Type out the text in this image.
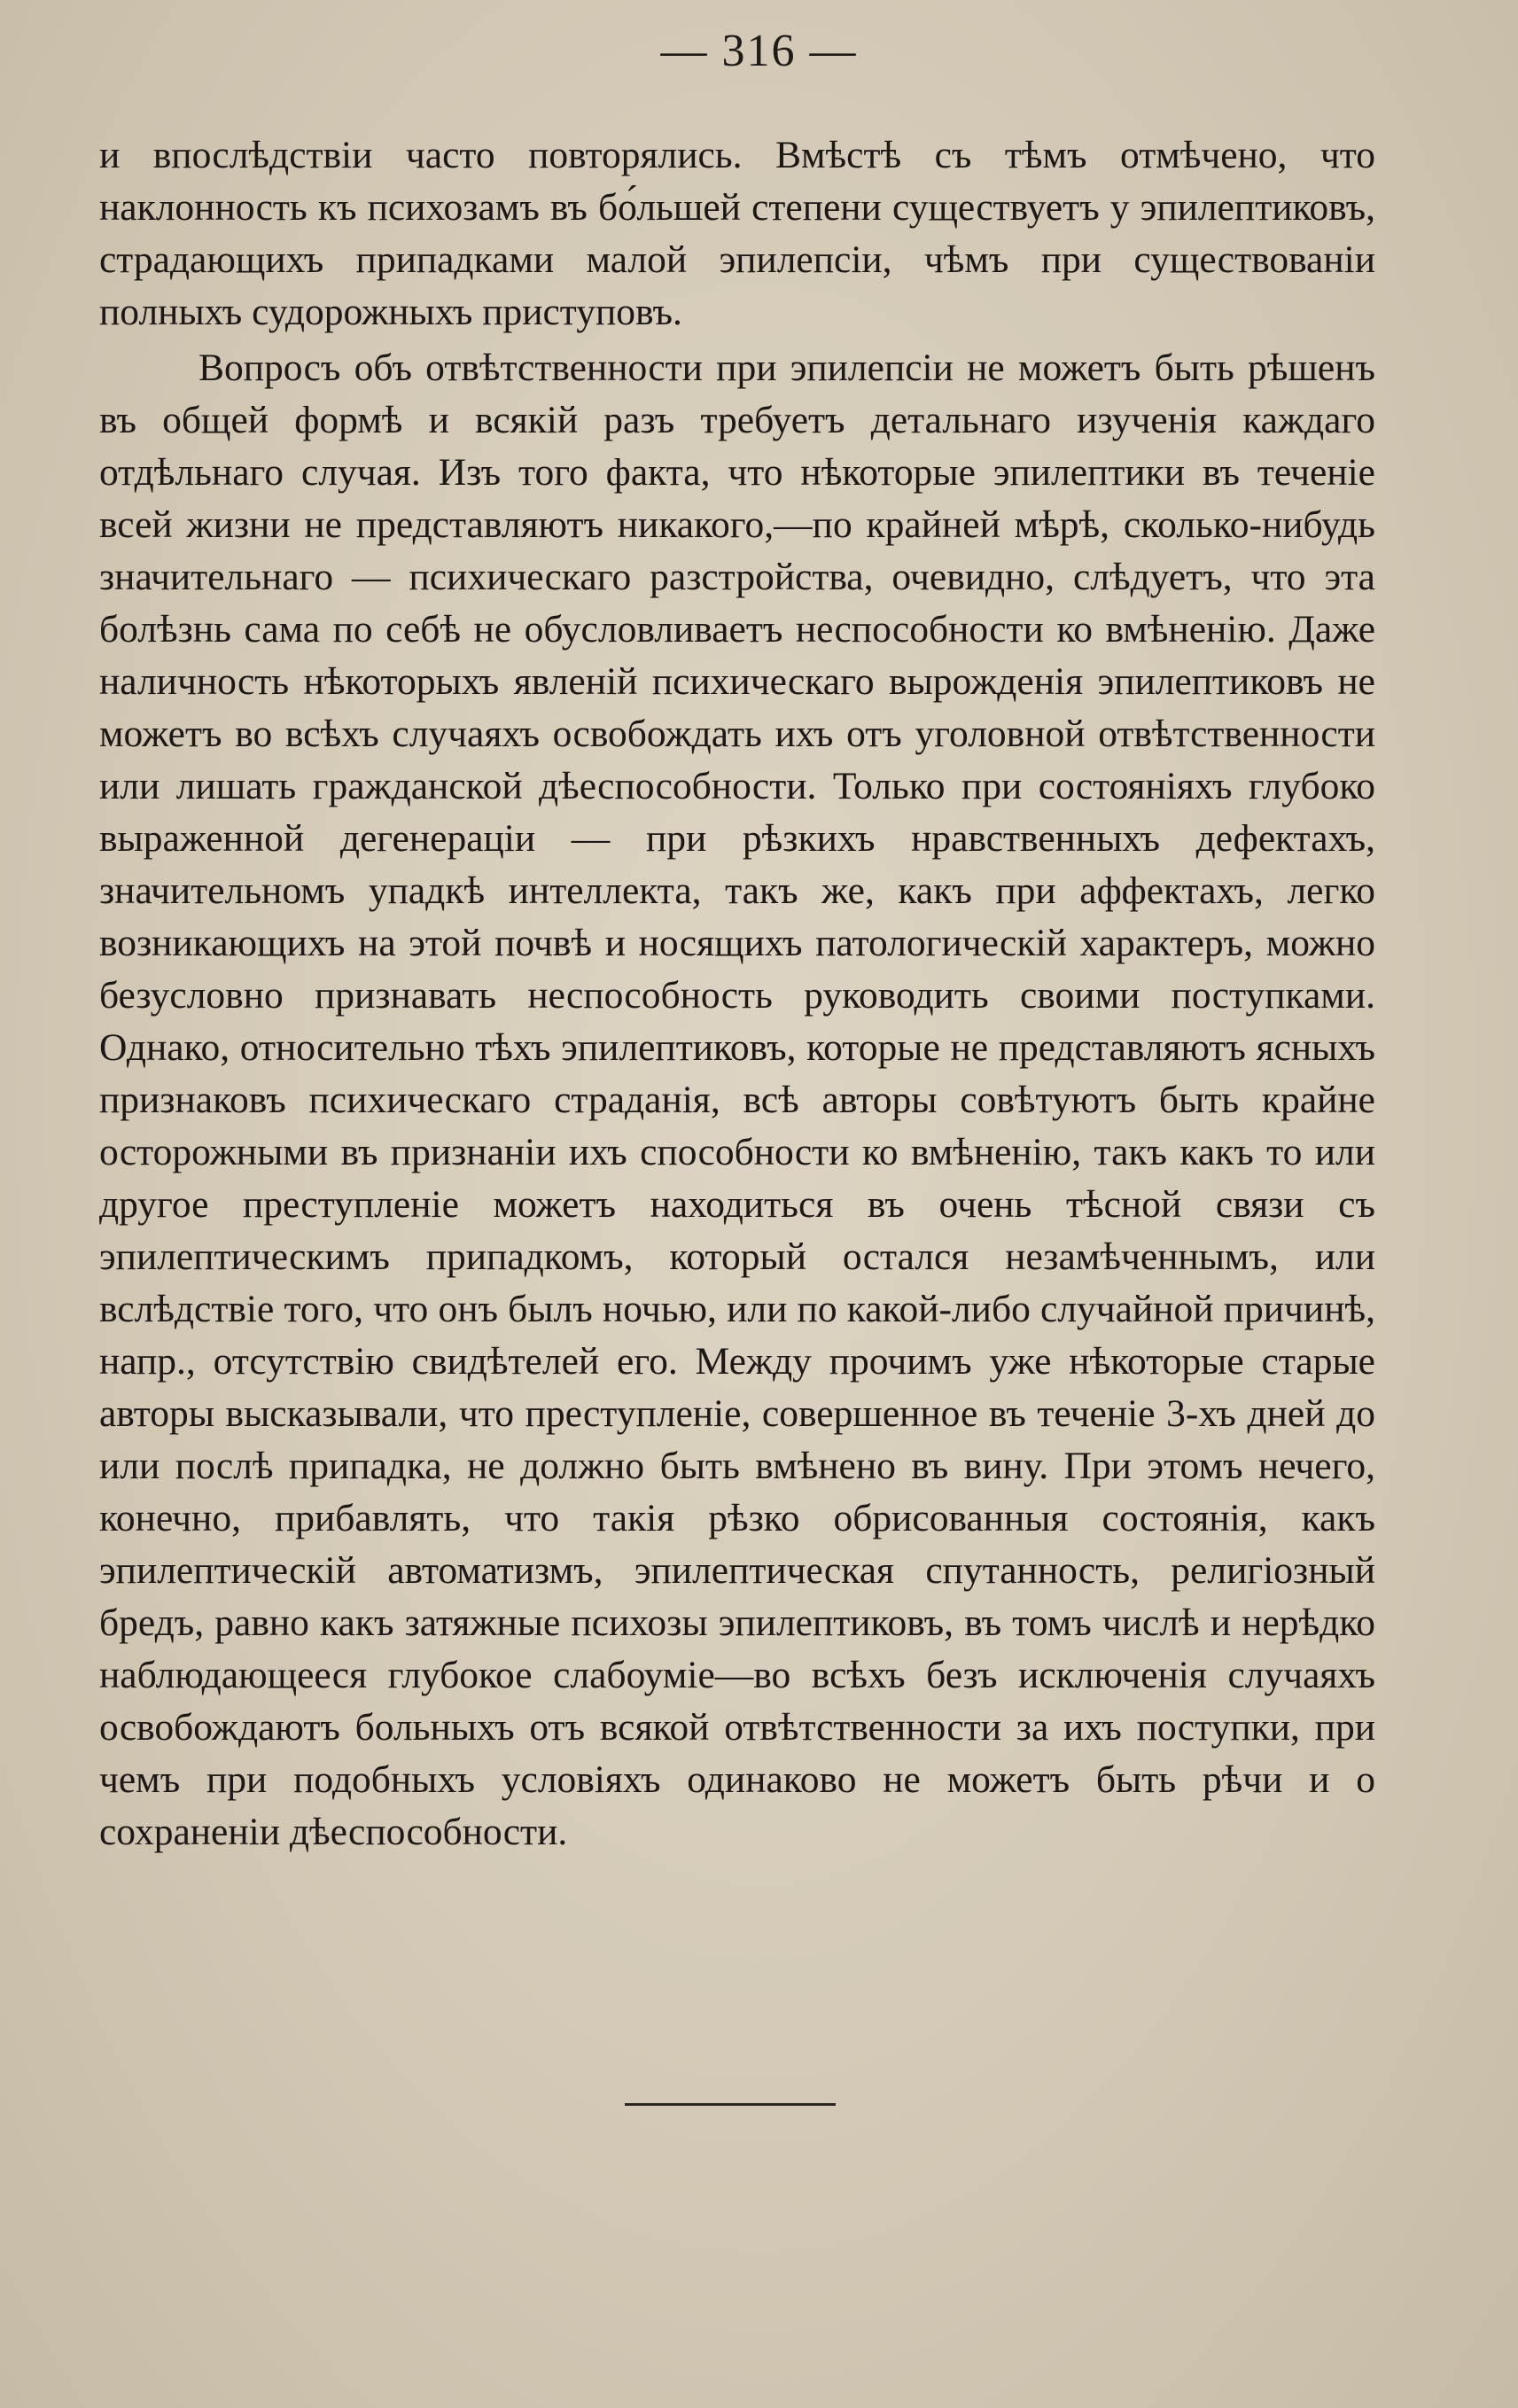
— 316 —

и впослѣдствіи часто повторялись. Вмѣстѣ съ тѣмъ отмѣчено, что наклонность къ психозамъ въ бо́льшей степени существуетъ у эпилептиковъ, страдающихъ припадками малой эпилепсіи, чѣмъ при существованіи полныхъ судорожныхъ приступовъ.

Вопросъ объ отвѣтственности при эпилепсіи не можетъ быть рѣшенъ въ общей формѣ и всякій разъ требуетъ детальнаго изученія каждаго отдѣльнаго случая. Изъ того факта, что нѣкоторые эпилептики въ теченіе всей жизни не представляютъ никакого,—по крайней мѣрѣ, сколько-нибудь значительнаго — психическаго разстройства, очевидно, слѣдуетъ, что эта болѣзнь сама по себѣ не обусловливаетъ неспособности ко вмѣненію. Даже наличность нѣкоторыхъ явленій психическаго вырожденія эпилептиковъ не можетъ во всѣхъ случаяхъ освобождать ихъ отъ уголовной отвѣтственности или лишать гражданской дѣеспособности. Только при состояніяхъ глубоко выраженной дегенераціи — при рѣзкихъ нравственныхъ дефектахъ, значительномъ упадкѣ интеллекта, такъ же, какъ при аффектахъ, легко возникающихъ на этой почвѣ и носящихъ патологическій характеръ, можно безусловно признавать неспособность руководить своими поступками. Однако, относительно тѣхъ эпилептиковъ, которые не представляютъ ясныхъ признаковъ психическаго страданія, всѣ авторы совѣтуютъ быть крайне осторожными въ признаніи ихъ способности ко вмѣненію, такъ какъ то или другое преступленіе можетъ находиться въ очень тѣсной связи съ эпилептическимъ припадкомъ, который остался незамѣченнымъ, или вслѣдствіе того, что онъ былъ ночью, или по какой-либо случайной причинѣ, напр., отсутствію свидѣтелей его. Между прочимъ уже нѣкоторые старые авторы высказывали, что преступленіе, совершенное въ теченіе 3-хъ дней до или послѣ припадка, не должно быть вмѣнено въ вину. При этомъ нечего, конечно, прибавлять, что такія рѣзко обрисованныя состоянія, какъ эпилептическій автоматизмъ, эпилептическая спутанность, религіозный бредъ, равно какъ затяжные психозы эпилептиковъ, въ томъ числѣ и нерѣдко наблюдающееся глубокое слабоуміе—во всѣхъ безъ исключенія случаяхъ освобождаютъ больныхъ отъ всякой отвѣтственности за ихъ поступки, при чемъ при подобныхъ условіяхъ одинаково не можетъ быть рѣчи и о сохраненіи дѣеспособности.
